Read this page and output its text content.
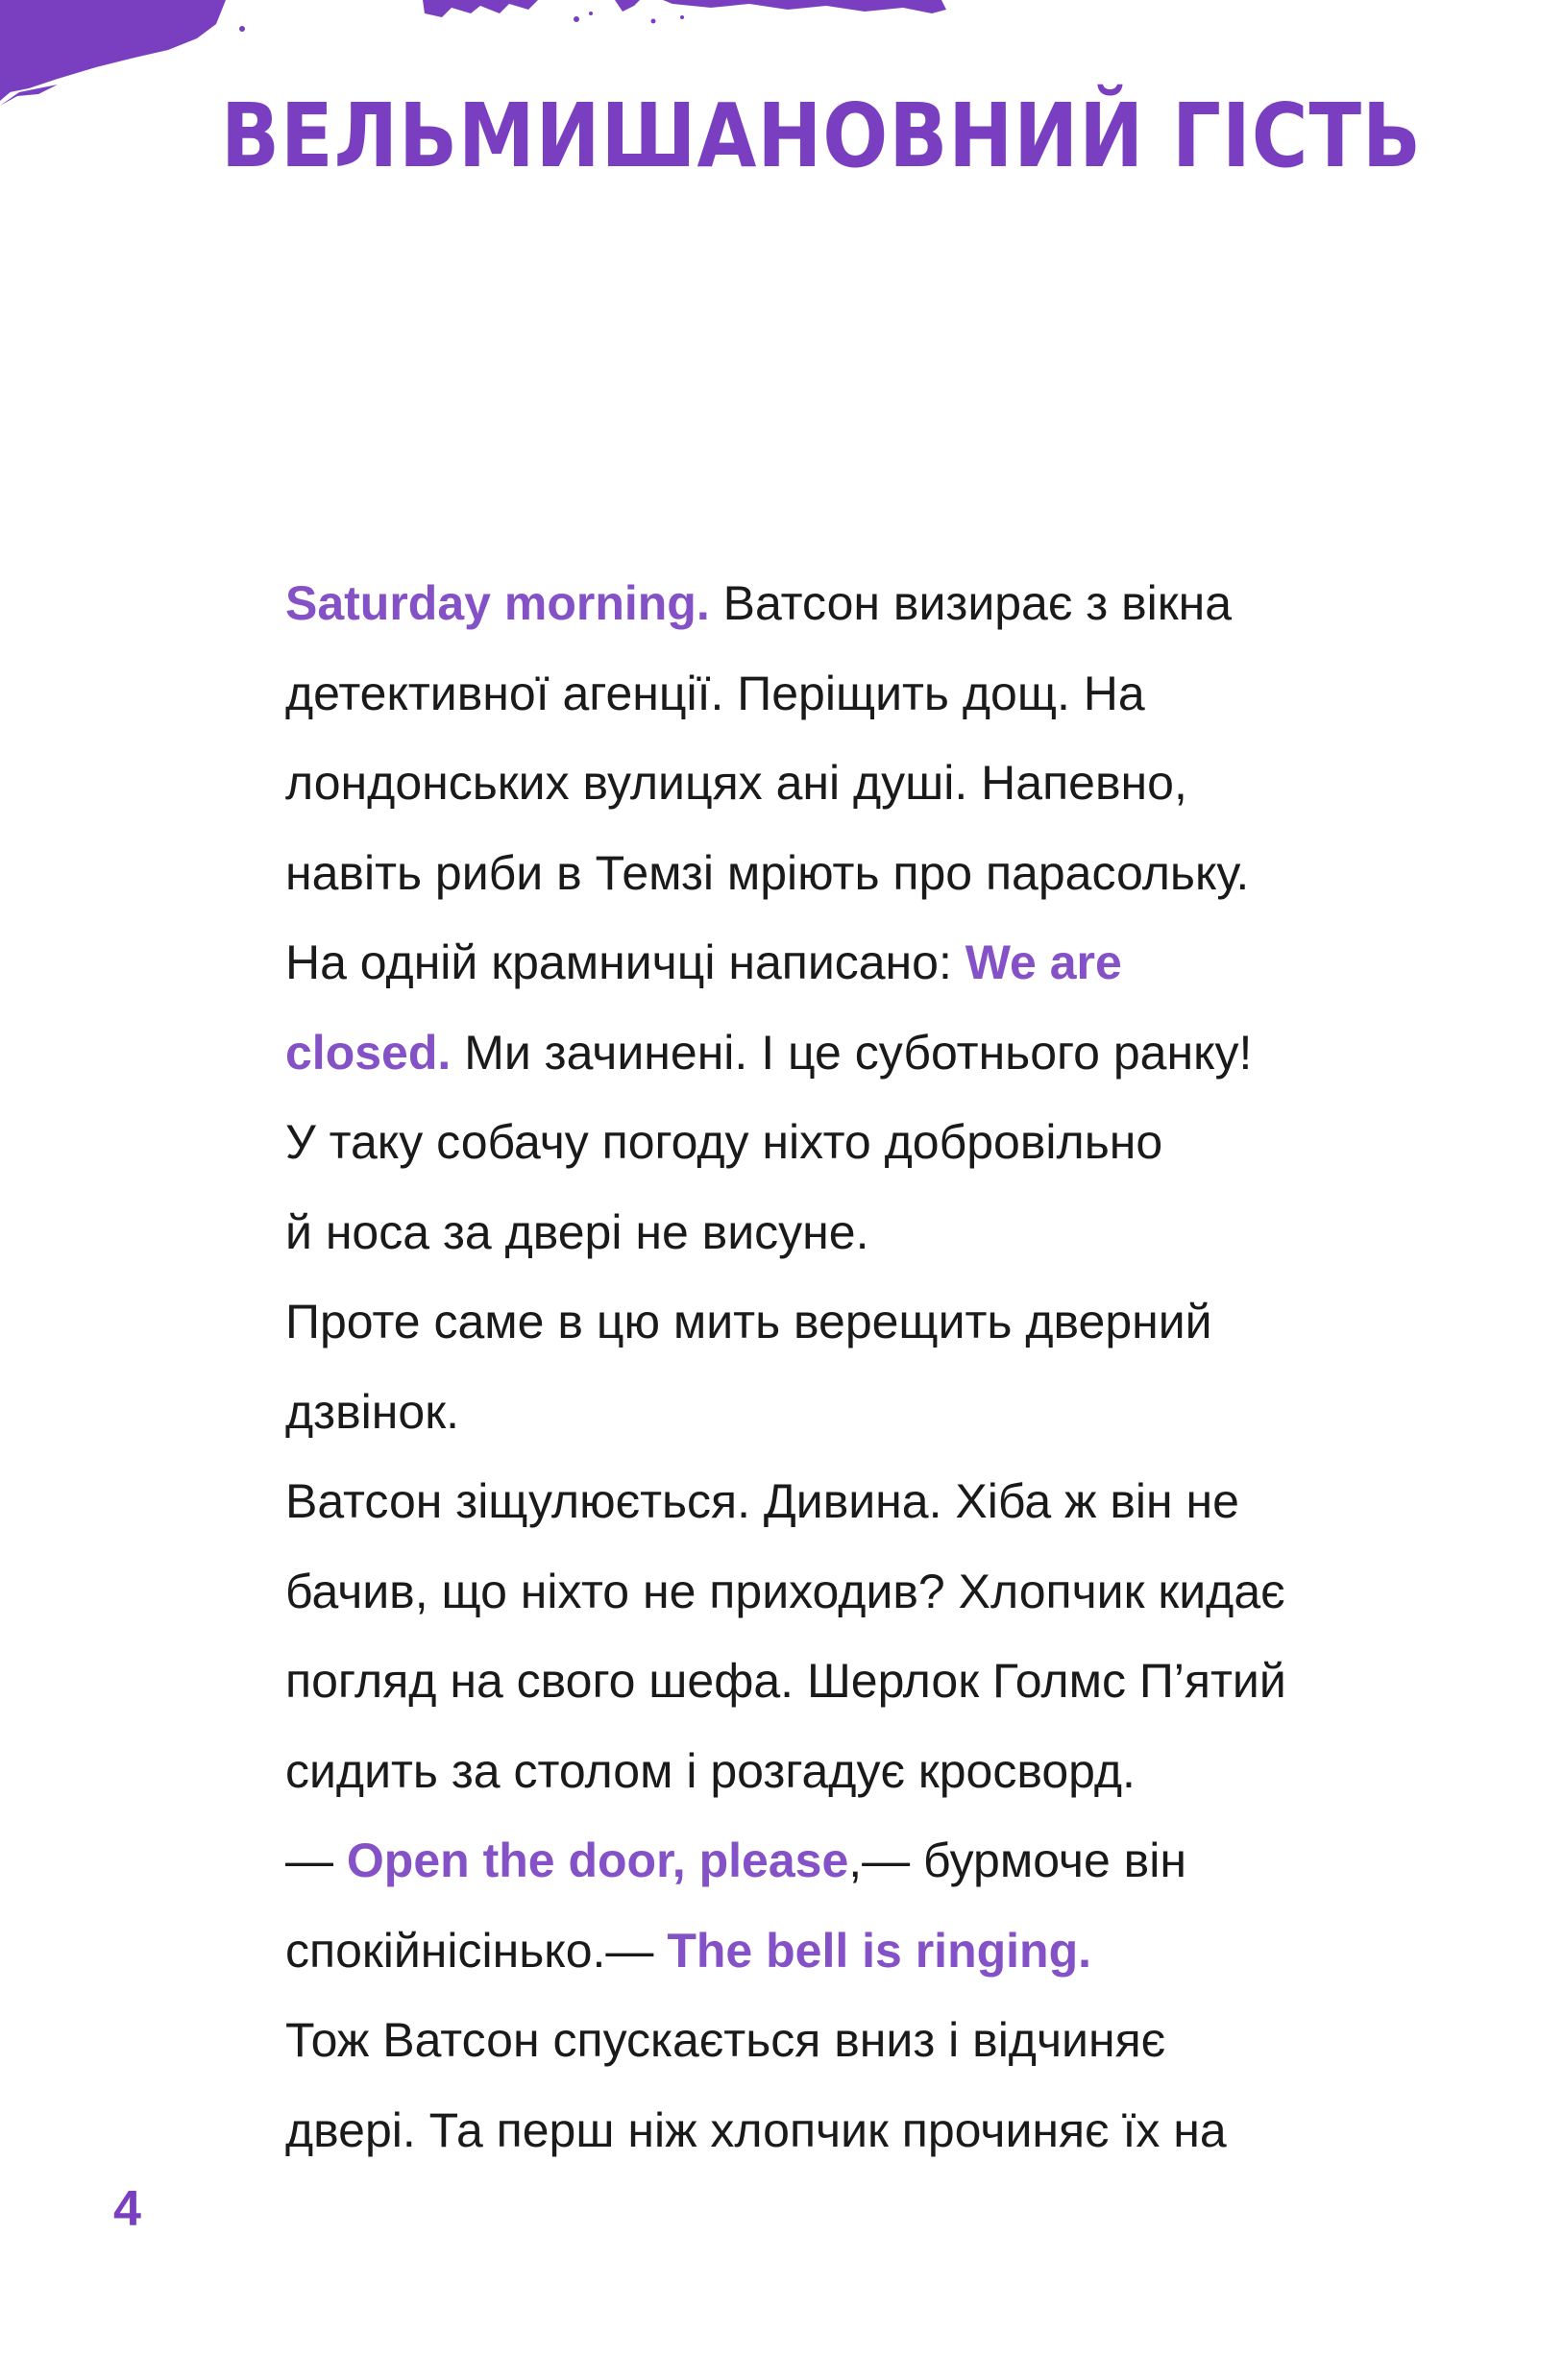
ВЕЛЬМИШАНОВНИЙ ГІСТЬ
Saturday morning. Ватсон визирає з вікна
детективної агенції. Періщить дощ. На
лондонських вулицях ані душі. Напевно,
навіть риби в Темзі мріють про парасольку.
На одній крамничці написано: We are
closed. Ми зачинені. І це суботнього ранку!
У таку собачу погоду ніхто добровільно
й носа за двері не висуне.
Проте саме в цю мить верещить дверний
дзвінок.
Ватсон зіщулюється. Дивина. Хіба ж він не
бачив, що ніхто не приходив? Хлопчик кидає
погляд на свого шефа. Шерлок Голмс П’ятий
сидить за столом і розгадує кросворд.
— Open the door, please,— бурмоче він
спокійнісінько.— The bell is ringing.
Тож Ватсон спускається вниз і відчиняє
двері. Та перш ніж хлопчик прочиняє їх на
4
